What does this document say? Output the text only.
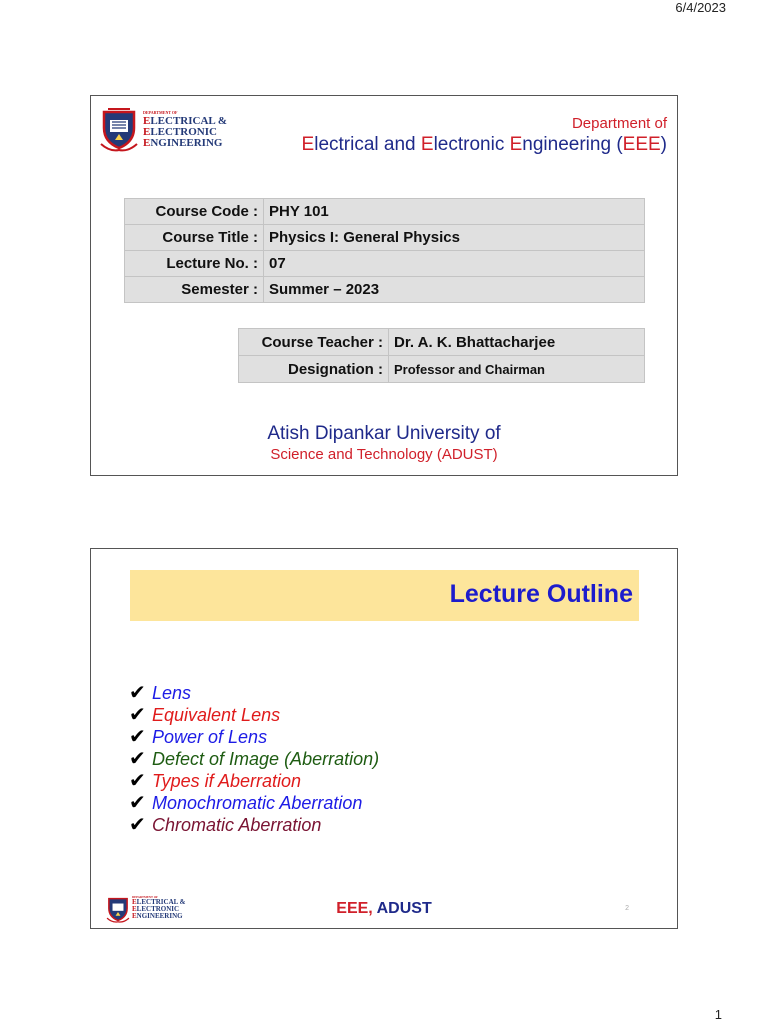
6/4/2023
DEPARTMENT OF
ELECTRICAL &
ELECTRONIC
ENGINEERING
Department of
Electrical and Electronic Engineering (EEE)
Course Code :	PHY 101
Course Title :	Physics I: General Physics
Lecture No. :	07
Semester :	Summer – 2023
Course Teacher :	Dr. A. K. Bhattacharjee
Designation :	Professor and Chairman
Atish Dipankar University of
Science and Technology (ADUST)
Lecture Outline
✔ Lens
✔ Equivalent Lens
✔ Power of Lens
✔ Defect of Image (Aberration)
✔ Types if Aberration
✔ Monochromatic Aberration
✔ Chromatic Aberration
DEPARTMENT OF
ELECTRICAL &
ELECTRONIC
ENGINEERING	EEE, ADUST	2
1
